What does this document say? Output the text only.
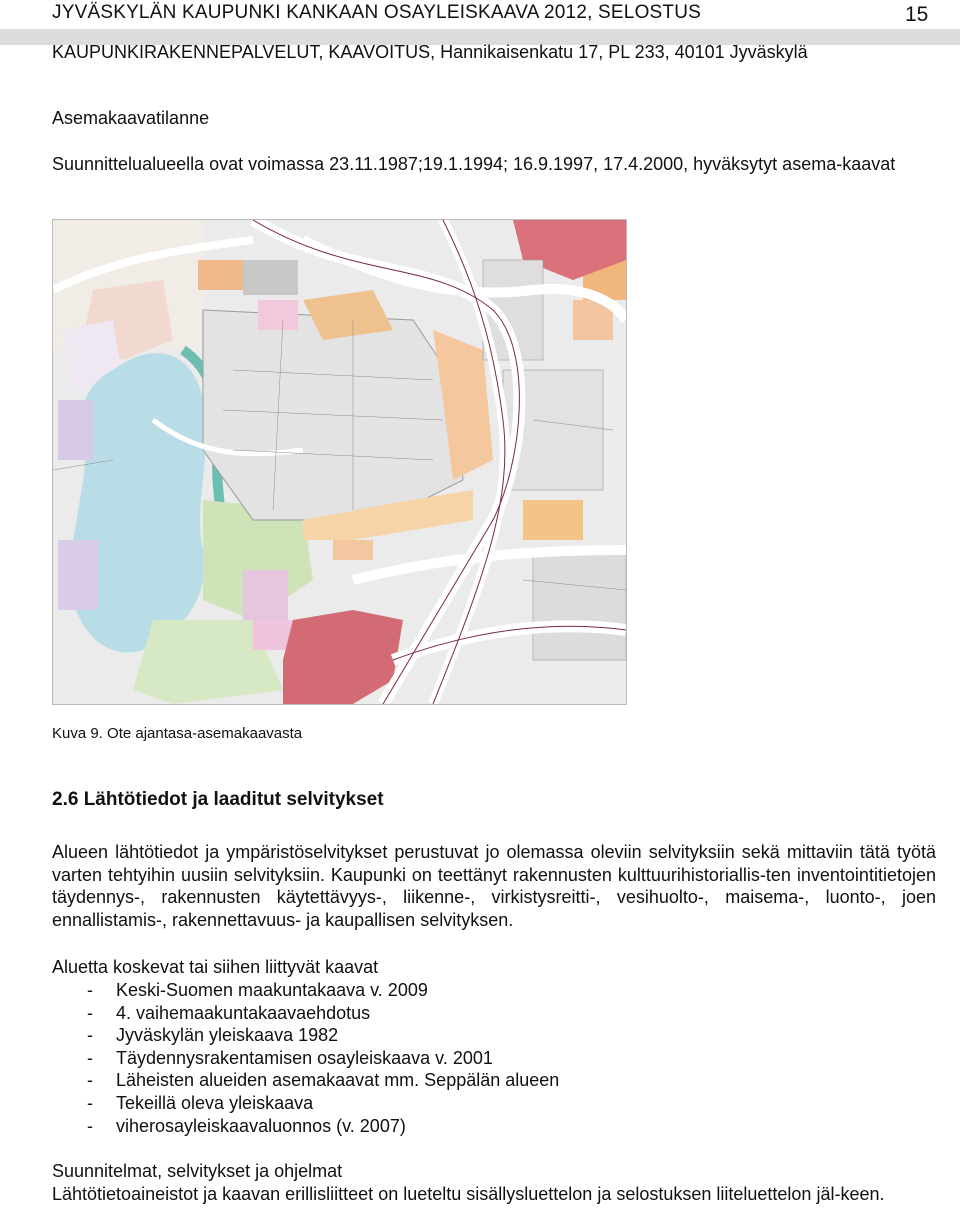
JYVÄSKYLÄN KAUPUNKI KANKAAN OSAYLEISKAAVA 2012, SELOSTUS	15
KAUPUNKIRAKENNEPALVELUT, KAAVOITUS, Hannikaisenkatu 17, PL 233, 40101 Jyväskylä
Asemakaavatilanne
Suunnittelualueella ovat voimassa 23.11.1987;19.1.1994; 16.9.1997, 17.4.2000, hyväksytyt asema-kaavat
Kuva 9. Ote ajantasa-asemakaavasta
2.6 Lähtötiedot ja laaditut selvitykset

Alueen lähtötiedot ja ympäristöselvitykset perustuvat jo olemassa oleviin selvityksiin sekä mittaviin tätä työtä varten tehtyihin uusiin selvityksiin. Kaupunki on teettänyt rakennusten kulttuurihistoriallis-ten inventointitietojen täydennys-, rakennusten käytettävyys-, liikenne-, virkistysreitti-, vesihuolto-, maisema-, luonto-, joen ennallistamis-, rakennettavuus- ja kaupallisen selvityksen.

Aluetta koskevat tai siihen liittyvät kaavat
- Keski-Suomen maakuntakaava v. 2009
- 4. vaihemaakuntakaavaehdotus
- Jyväskylän yleiskaava 1982
- Täydennysrakentamisen osayleiskaava v. 2001
- Läheisten alueiden asemakaavat mm. Seppälän alueen
- Tekeillä oleva yleiskaava
- viherosayleiskaavaluonnos (v. 2007)
Suunnitelmat, selvitykset ja ohjelmat

Lähtötietoaineistot ja kaavan erillisliitteet on lueteltu sisällysluettelon ja selostuksen liiteluettelon jäl-keen.
